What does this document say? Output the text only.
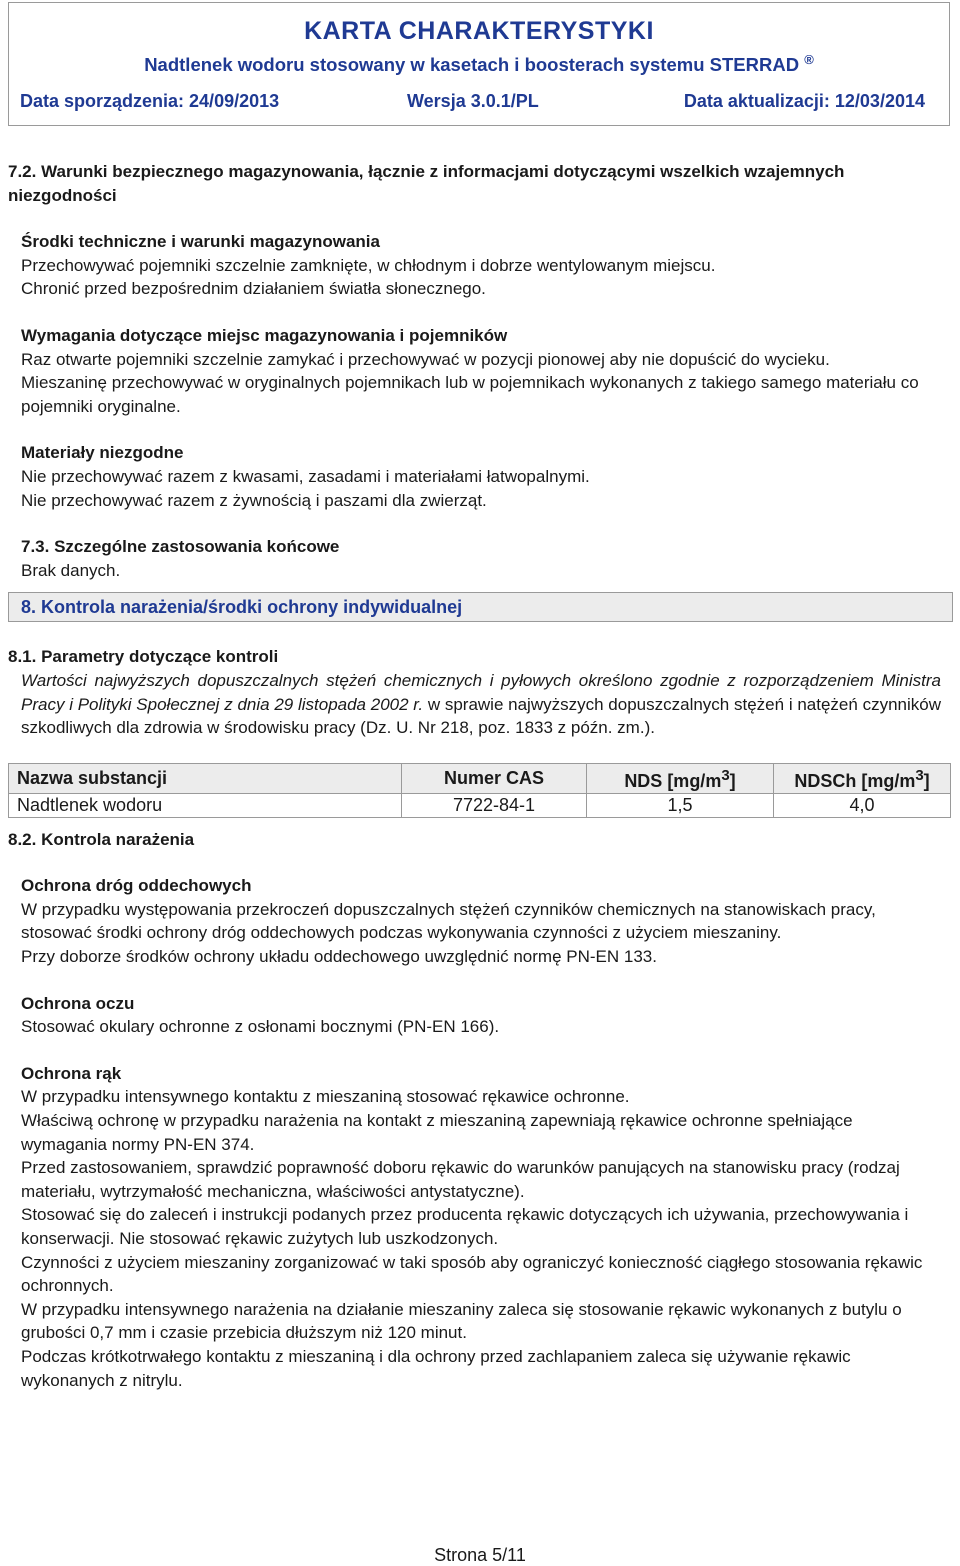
KARTA CHARAKTERYSTYKI
Nadtlenek wodoru stosowany w kasetach i boosterach systemu STERRAD ®
Data sporządzenia: 24/09/2013	Wersja 3.0.1/PL	Data aktualizacji: 12/03/2014
7.2. Warunki bezpiecznego magazynowania, łącznie z informacjami dotyczącymi wszelkich wzajemnych niezgodności
Środki techniczne i warunki magazynowania
Przechowywać pojemniki szczelnie zamknięte, w chłodnym i dobrze wentylowanym miejscu.
Chronić przed bezpośrednim działaniem światła słonecznego.
Wymagania dotyczące miejsc magazynowania i pojemników
Raz otwarte pojemniki szczelnie zamykać i przechowywać w pozycji pionowej aby nie dopuścić do wycieku.
Mieszaninę przechowywać w oryginalnych pojemnikach lub w pojemnikach wykonanych z takiego samego materiału co pojemniki oryginalne.
Materiały niezgodne
Nie przechowywać razem z kwasami, zasadami i materiałami łatwopalnymi.
Nie przechowywać razem z żywnością i paszami dla zwierząt.
7.3. Szczególne zastosowania końcowe
Brak danych.
8. Kontrola narażenia/środki ochrony indywidualnej
8.1. Parametry dotyczące kontroli
Wartości najwyższych dopuszczalnych stężeń chemicznych i pyłowych określono zgodnie z rozporządzeniem Ministra Pracy i Polityki Społecznej z dnia 29 listopada 2002 r. w sprawie najwyższych dopuszczalnych stężeń i natężeń czynników szkodliwych dla zdrowia w środowisku pracy (Dz. U. Nr 218, poz. 1833 z późn. zm.).
Nazwa substancji	Numer CAS	NDS $[mg/m^3]$	NDSCh $[mg/m^3]$
Nadtlenek wodoru	7722-84-1	1,5	4,0
8.2. Kontrola narażenia
Ochrona dróg oddechowych
W przypadku występowania przekroczeń dopuszczalnych stężeń czynników chemicznych na stanowiskach pracy, stosować środki ochrony dróg oddechowych podczas wykonywania czynności z użyciem mieszaniny.
Przy doborze środków ochrony układu oddechowego uwzględnić normę PN-EN 133.
Ochrona oczu
Stosować okulary ochronne z osłonami bocznymi (PN-EN 166).
Ochrona rąk
W przypadku intensywnego kontaktu z mieszaniną stosować rękawice ochronne.
Właściwą ochronę w przypadku narażenia na kontakt z mieszaniną zapewniają rękawice ochronne spełniające wymagania normy PN-EN 374.
Przed zastosowaniem, sprawdzić poprawność doboru rękawic do warunków panujących na stanowisku pracy (rodzaj materiału, wytrzymałość mechaniczna, właściwości antystatyczne).
Stosować się do zaleceń i instrukcji podanych przez producenta rękawic dotyczących ich używania, przechowywania i konserwacji. Nie stosować rękawic zużytych lub uszkodzonych.
Czynności z użyciem mieszaniny zorganizować w taki sposób aby ograniczyć konieczność ciągłego stosowania rękawic ochronnych.
W przypadku intensywnego narażenia na działanie mieszaniny zaleca się stosowanie rękawic wykonanych z butylu o grubości 0,7 mm i czasie przebicia dłuższym niż 120 minut.
Podczas krótkotrwałego kontaktu z mieszaniną i dla ochrony przed zachlapaniem zaleca się używanie rękawic wykonanych z nitrylu.
Strona 5/11
